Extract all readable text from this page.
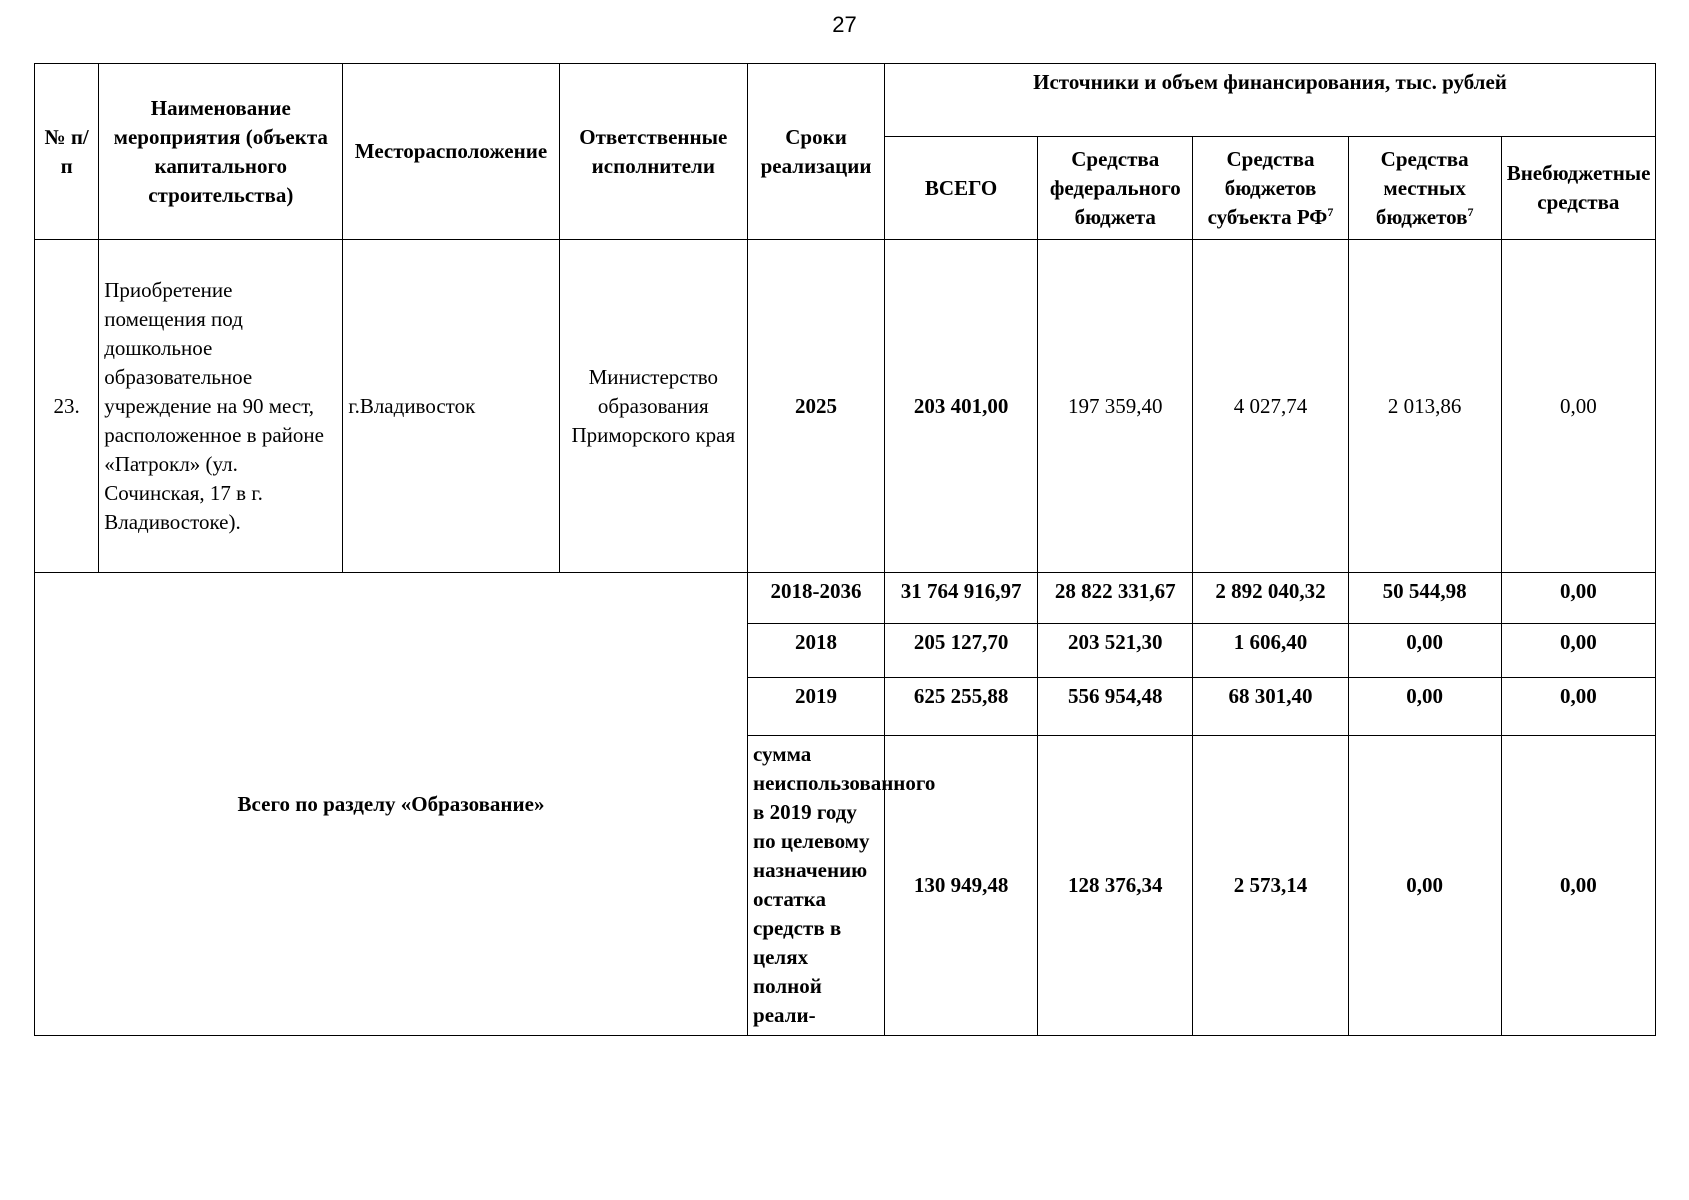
27
№ п/п	Наименование мероприятия (объекта капитального строительства)	Месторасположение	Ответственные исполнители	Сроки реализации	Источники и объем финансирования, тыс. рублей				
					ВСЕГО	Средства федерального бюджета	Средства бюджетов субъекта $РФ^7$	Средства местных бюджетов$^7$	Внебюджетные средства
23.	Приобретение помещения под дошкольное образовательное учреждение на 90 мест, расположенное в районе «Патрокл» (ул. Сочинская, 17 в г. Владивостоке).	г.Владивосток	Министерство образования Приморского края	2025	203 401,00	197 359,40	4 027,74	2 013,86	0,00
Всего по разделу «Образование»				2018-2036	31 764 916,97	28 822 331,67	2 892 040,32	50 544,98	0,00
				2018	205 127,70	203 521,30	1 606,40	0,00	0,00
				2019	625 255,88	556 954,48	68 301,40	0,00	0,00
				сумма неиспользованного в 2019 году по целевому назначению остатка средств в целях полной реали-	130 949,48	128 376,34	2 573,14	0,00	0,00
